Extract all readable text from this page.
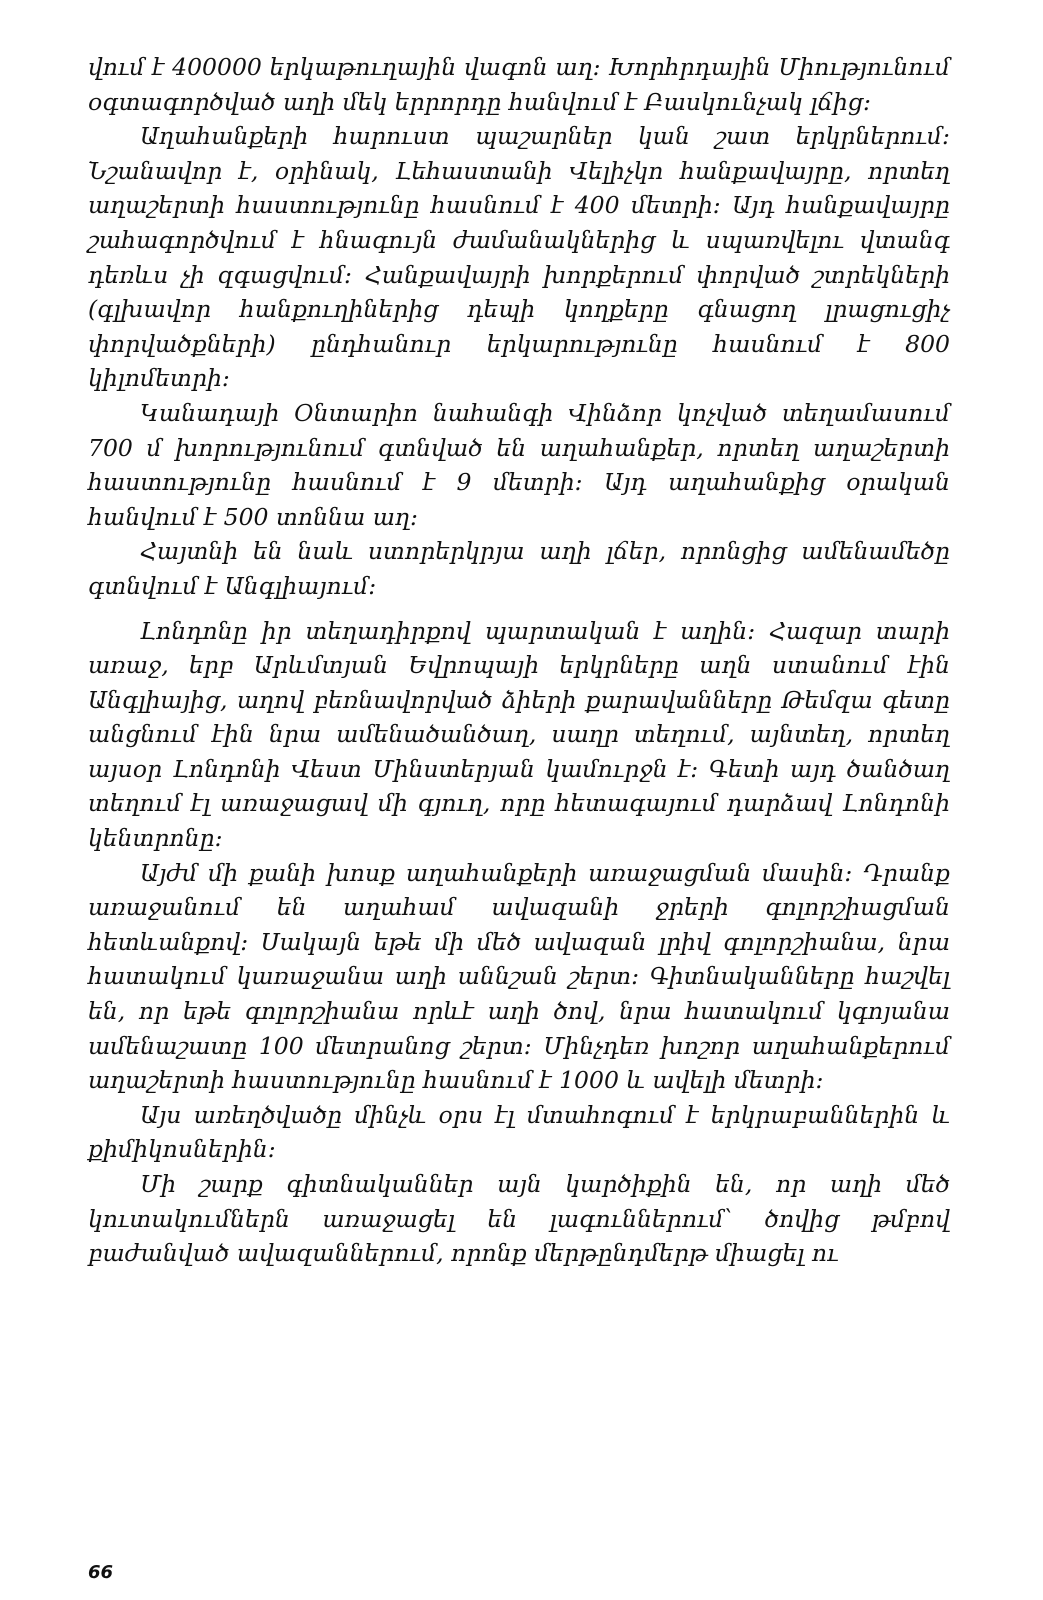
վում է 400000 երկաթուղային վագոն աղ։ Խորհրդային Միությունում օգտագործված աղի մեկ երրորդը հանվում է Բասկունչակ լճից։

Աղահանքերի հարուստ պաշարներ կան շատ երկրներում։ Նշանավոր է, օրինակ, Լեհաստանի Վելիչկո հանքավայրը, որտեղ աղաշերտի հաստությունը հասնում է 400 մետրի։ Այդ հանքավայրը շահագործվում է հնագույն ժամանակներից և սպառվելու վտանգ դեռևս չի զգացվում։ Հանքավայրի խորքերում փորված շտրեկների (գլխավոր հանքուղիներից դեպի կողքերը գնացող լրացուցիչ փորվածքների) ընդհանուր երկարությունը հասնում է 800 կիլոմետրի։

Կանադայի Օնտարիո նահանգի Վինձոր կոչված տեղամասում 700 մ խորությունում գտնված են աղահանքեր, որտեղ աղաշերտի հաստությունը հասնում է 9 մետրի։ Այդ աղահանքից օրական հանվում է 500 տոննա աղ։

Հայտնի են նաև ստորերկրյա աղի լճեր, որոնցից ամենամեծը գտնվում է Անգլիայում։

Լոնդոնը իր տեղադիրքով պարտական է աղին։ Հազար տարի առաջ, երբ Արևմտյան Եվրոպայի երկրները աղն ստանում էին Անգլիայից, աղով բեռնավորված ձիերի քարավանները Թեմզա գետը անցնում էին նրա ամենածանծաղ, սաղր տեղում, այնտեղ, որտեղ այսօր Լոնդոնի Վեստ Մինստերյան կամուրջն է։ Գետի այդ ծանծաղ տեղում էլ առաջացավ մի գյուղ, որը հետագայում դարձավ Լոնդոնի կենտրոնը։

Այժմ մի քանի խոսք աղահանքերի առաջացման մասին։ Դրանք առաջանում են աղահամ ավազանի ջրերի գոլորշիացման հետևանքով։ Սակայն եթե մի մեծ ավազան լրիվ գոլորշիանա, նրա հատակում կառաջանա աղի աննշան շերտ։ Գիտնականները հաշվել են, որ եթե գոլորշիանա որևէ աղի ծով, նրա հատակում կգոյանա ամենաշատը 100 մետրանոց շերտ։ Մինչդեռ խոշոր աղահանքերում աղաշերտի հաստությունը հասնում է 1000 և ավելի մետրի։

Այս առեղծվածը մինչև օրս էլ մտահոգում է երկրաբաններին և քիմիկոսներին։

Մի շարք գիտնականներ այն կարծիքին են, որ աղի մեծ կուտակումներն առաջացել են լագուններում՝ ծովից թմբով բաժանված ավազաններում, որոնք մերթընդմերթ միացել ու

66
